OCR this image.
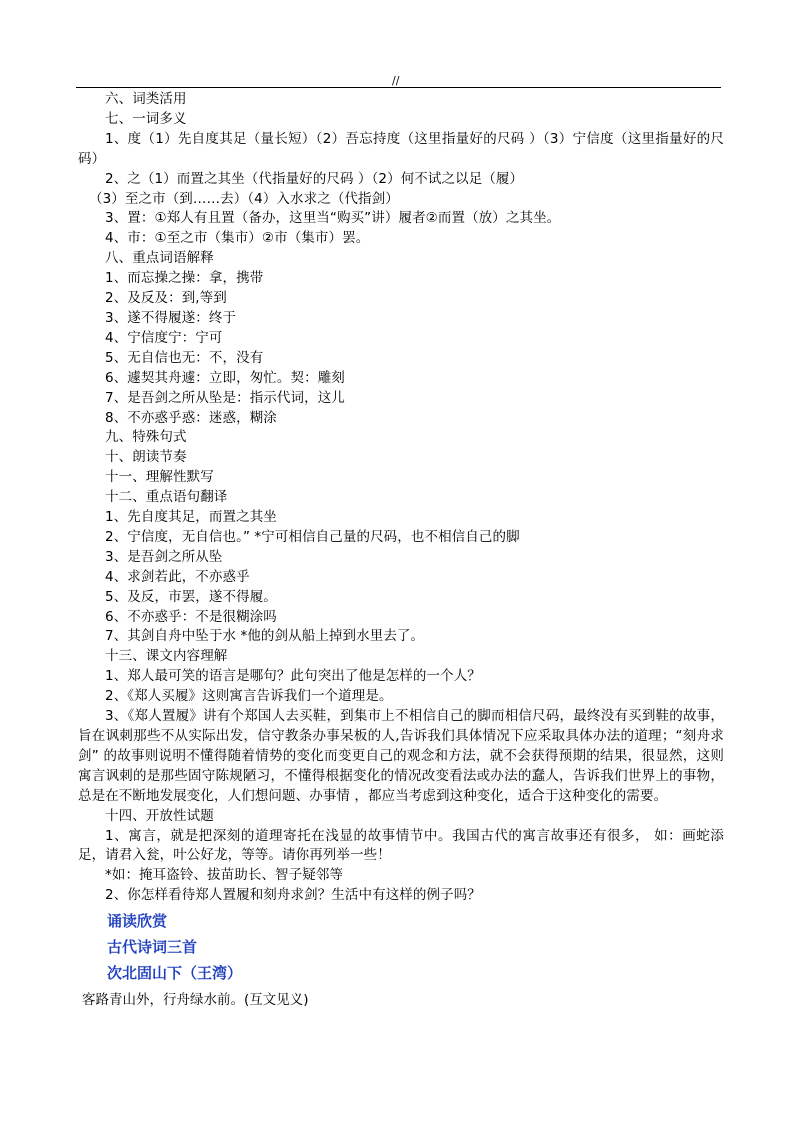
//
六、词类活用
七、一词多义
1、度（1）先自度其足（量长短）（2）吾忘持度（这里指量好的尺码 ）（3）宁信度（这里指量好的尺码）
2、之（1）而置之其坐（代指量好的尺码 ）（2）何不试之以足（履）
（3）至之市（到……去）（4）入水求之（代指剑）
3、置：①郑人有且置（备办，这里当“购买”讲）履者②而置（放）之其坐。
4、市：①至之市（集市）②市（集市）罢。
八、重点词语解释
1、而忘操之操：拿，携带
2、及反及：到,等到
3、遂不得履遂：终于
4、宁信度宁：宁可
5、无自信也无：不，没有
6、遽契其舟遽：立即，匆忙。契：雕刻
7、是吾剑之所从坠是：指示代词，这儿
8、不亦惑乎惑：迷惑，糊涂
九、特殊句式
十、朗读节奏
十一、理解性默写
十二、重点语句翻译
1、先自度其足，而置之其坐
2、宁信度，无自信也。” *宁可相信自己量的尺码，也不相信自己的脚
3、是吾剑之所从坠
4、求剑若此，不亦惑乎
5、及反，市罢，遂不得履。
6、不亦惑乎：不是很糊涂吗
7、其剑自舟中坠于水 *他的剑从船上掉到水里去了。
十三、课文内容理解
1、郑人最可笑的语言是哪句？此句突出了他是怎样的一个人？
2、《郑人买履》这则寓言告诉我们一个道理是。
3、《郑人置履》讲有个郑国人去买鞋，到集市上不相信自己的脚而相信尺码，最终没有买到鞋的故事，旨在讽刺那些不从实际出发，信守教条办事呆板的人,告诉我们具体情况下应采取具体办法的道理；“刻舟求剑” 的故事则说明不懂得随着情势的变化而变更自己的观念和方法，就不会获得预期的结果，很显然，这则寓言讽刺的是那些固守陈规陋习，不懂得根据变化的情况改变看法或办法的蠢人，告诉我们世界上的事物，总是在不断地发展变化，人们想问题、办事情 ，都应当考虑到这种变化，适合于这种变化的需要。
十四、开放性试题
1、寓言，就是把深刻的道理寄托在浅显的故事情节中。我国古代的寓言故事还有很多， 如：画蛇添足，请君入瓮，叶公好龙，等等。请你再列举一些！
*如：掩耳盗铃、拔苗助长、智子疑邻等
2、你怎样看待郑人置履和刻舟求剑？生活中有这样的例子吗？
诵读欣赏
古代诗词三首
次北固山下（王湾）
客路青山外，行舟绿水前。(互文见义)
